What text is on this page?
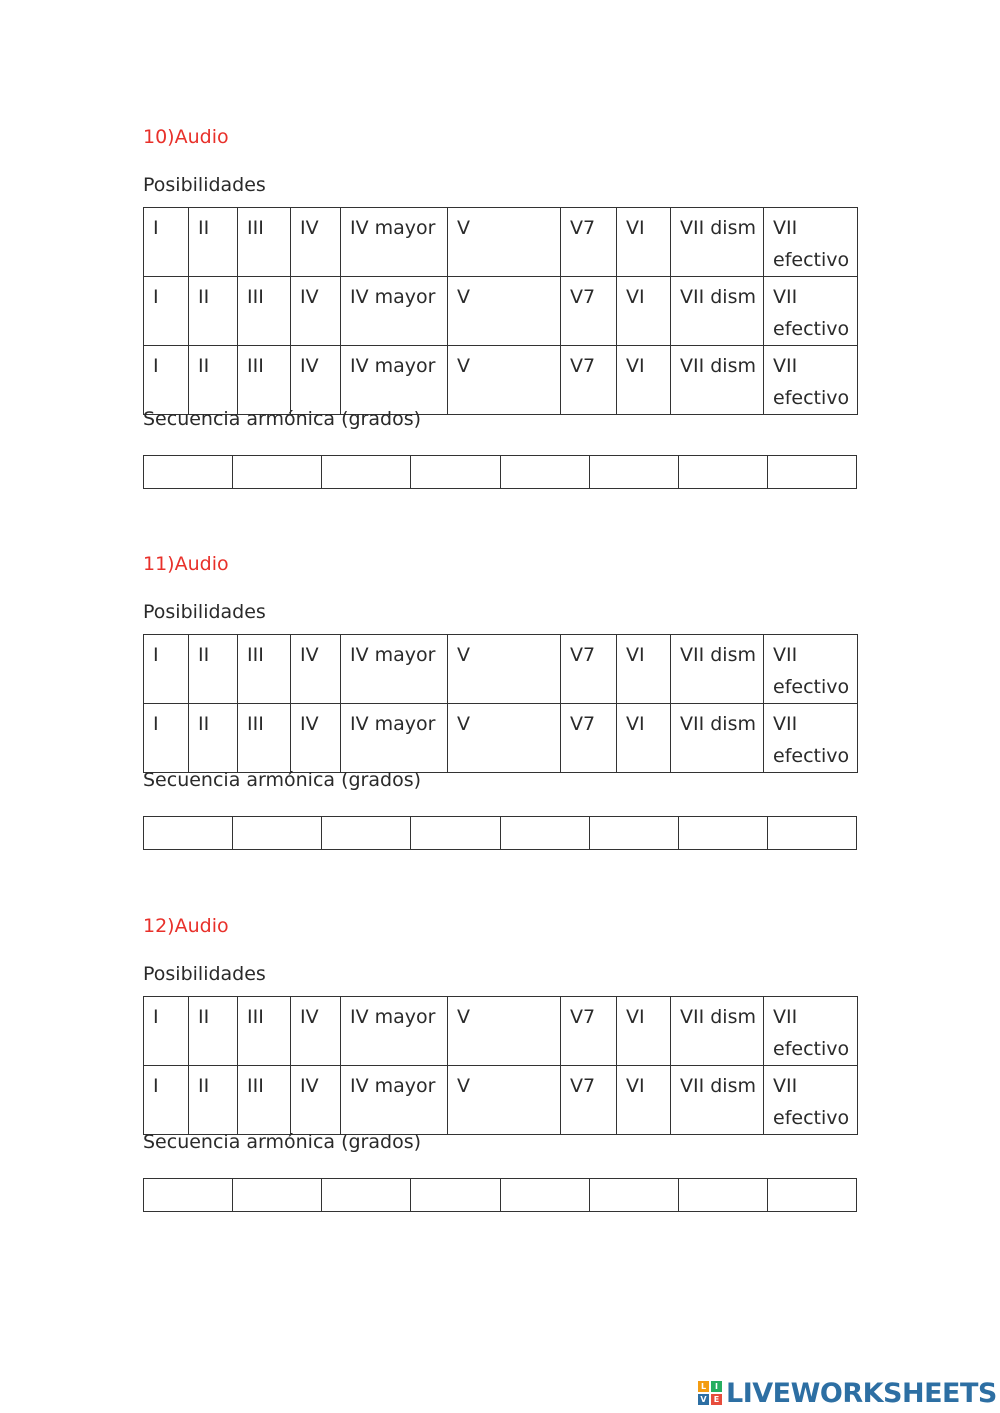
10)Audio
Posibilidades
I	II	III	IV	IV mayor	V	V7	VI	VII dism	VII efectivo
I	II	III	IV	IV mayor	V	V7	VI	VII dism	VII efectivo
I	II	III	IV	IV mayor	V	V7	VI	VII dism	VII efectivo
Secuencia armónica (grados)

11)Audio
Posibilidades
I	II	III	IV	IV mayor	V	V7	VI	VII dism	VII efectivo
I	II	III	IV	IV mayor	V	V7	VI	VII dism	VII efectivo
Secuencia armónica (grados)

12)Audio
Posibilidades
I	II	III	IV	IV mayor	V	V7	VI	VII dism	VII efectivo
I	II	III	IV	IV mayor	V	V7	VI	VII dism	VII efectivo
Secuencia armónica (grados)

L	I
V E LIVEWORKSHEETS
